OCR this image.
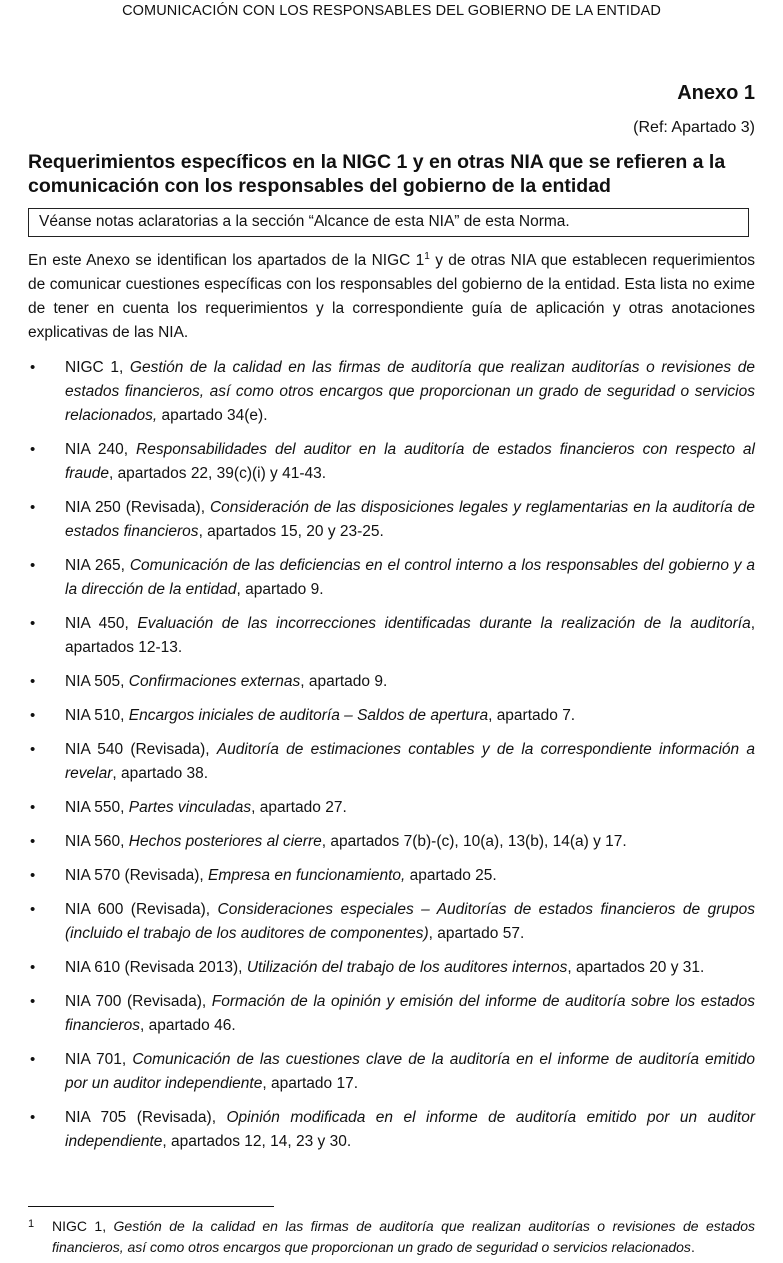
COMUNICACIÓN CON LOS RESPONSABLES DEL GOBIERNO DE LA ENTIDAD
Anexo 1
(Ref: Apartado 3)
Requerimientos específicos en la NIGC 1 y en otras NIA que se refieren a la comunicación con los responsables del gobierno de la entidad
Véanse notas aclaratorias a la sección “Alcance de esta NIA” de esta Norma.

En este Anexo se identifican los apartados de la NIGC $1^1$ y de otras NIA que establecen requerimientos de comunicar cuestiones específicas con los responsables del gobierno de la entidad. Esta lista no exime de tener en cuenta los requerimientos y la correspondiente guía de aplicación y otras anotaciones explicativas de las NIA.

• NIGC 1, Gestión de la calidad en las firmas de auditoría que realizan auditorías o revisiones de estados financieros, así como otros encargos que proporcionan un grado de seguridad o servicios relacionados, apartado 34(e).
• NIA 240, Responsabilidades del auditor en la auditoría de estados financieros con respecto al fraude, apartados 22, 39(c)(i) y 41-43.
• NIA 250 (Revisada), Consideración de las disposiciones legales y reglamentarias en la auditoría de estados financieros, apartados 15, 20 y 23-25.
• NIA 265, Comunicación de las deficiencias en el control interno a los responsables del gobierno y a la dirección de la entidad, apartado 9.
• NIA 450, Evaluación de las incorrecciones identificadas durante la realización de la auditoría, apartados 12-13.
• NIA 505, Confirmaciones externas, apartado 9.
• NIA 510, Encargos iniciales de auditoría – Saldos de apertura, apartado 7.
• NIA 540 (Revisada), Auditoría de estimaciones contables y de la correspondiente información a revelar, apartado 38.
• NIA 550, Partes vinculadas, apartado 27.
• NIA 560, Hechos posteriores al cierre, apartados 7(b)-(c), 10(a), 13(b), 14(a) y 17.
• NIA 570 (Revisada), Empresa en funcionamiento, apartado 25.
• NIA 600 (Revisada), Consideraciones especiales – Auditorías de estados financieros de grupos (incluido el trabajo de los auditores de componentes), apartado 57.
• NIA 610 (Revisada 2013), Utilización del trabajo de los auditores internos, apartados 20 y 31.
• NIA 700 (Revisada), Formación de la opinión y emisión del informe de auditoría sobre los estados financieros, apartado 46.
• NIA 701, Comunicación de las cuestiones clave de la auditoría en el informe de auditoría emitido por un auditor independiente, apartado 17.
• NIA 705 (Revisada), Opinión modificada en el informe de auditoría emitido por un auditor independiente, apartados 12, 14, 23 y 30.
1	NIGC 1, Gestión de la calidad en las firmas de auditoría que realizan auditorías o revisiones de estados financieros, así como otros encargos que proporcionan un grado de seguridad o servicios relacionados.
